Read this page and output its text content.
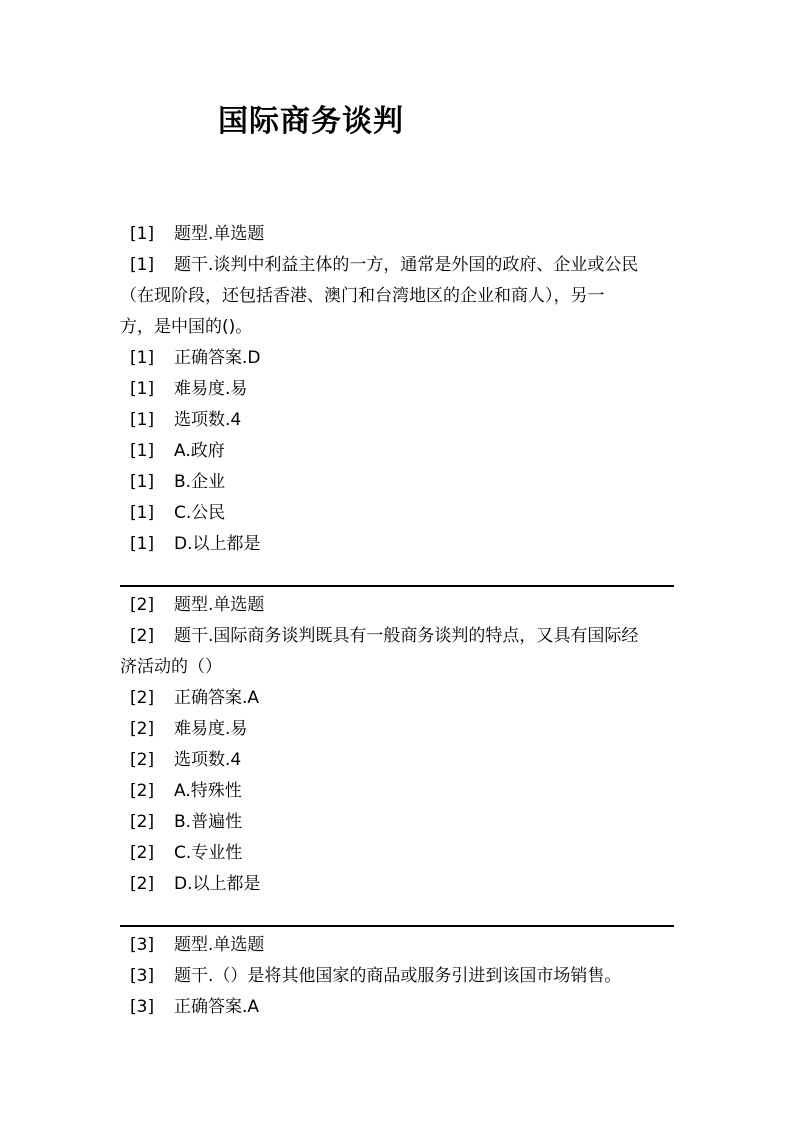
国际商务谈判
[1] 题型.单选题
[1] 题干.谈判中利益主体的一方，通常是外国的政府、企业或公民
（在现阶段，还包括香港、澳门和台湾地区的企业和商人），另一
方，是中国的()。
[1] 正确答案.D
[1] 难易度.易
[1] 选项数.4
[1] A.政府
[1] B.企业
[1] C.公民
[1] D.以上都是
[2] 题型.单选题
[2] 题干.国际商务谈判既具有一般商务谈判的特点，又具有国际经
济活动的（）
[2] 正确答案.A
[2] 难易度.易
[2] 选项数.4
[2] A.特殊性
[2] B.普遍性
[2] C.专业性
[2] D.以上都是
[3] 题型.单选题
[3] 题干.（）是将其他国家的商品或服务引进到该国市场销售。
[3] 正确答案.A
